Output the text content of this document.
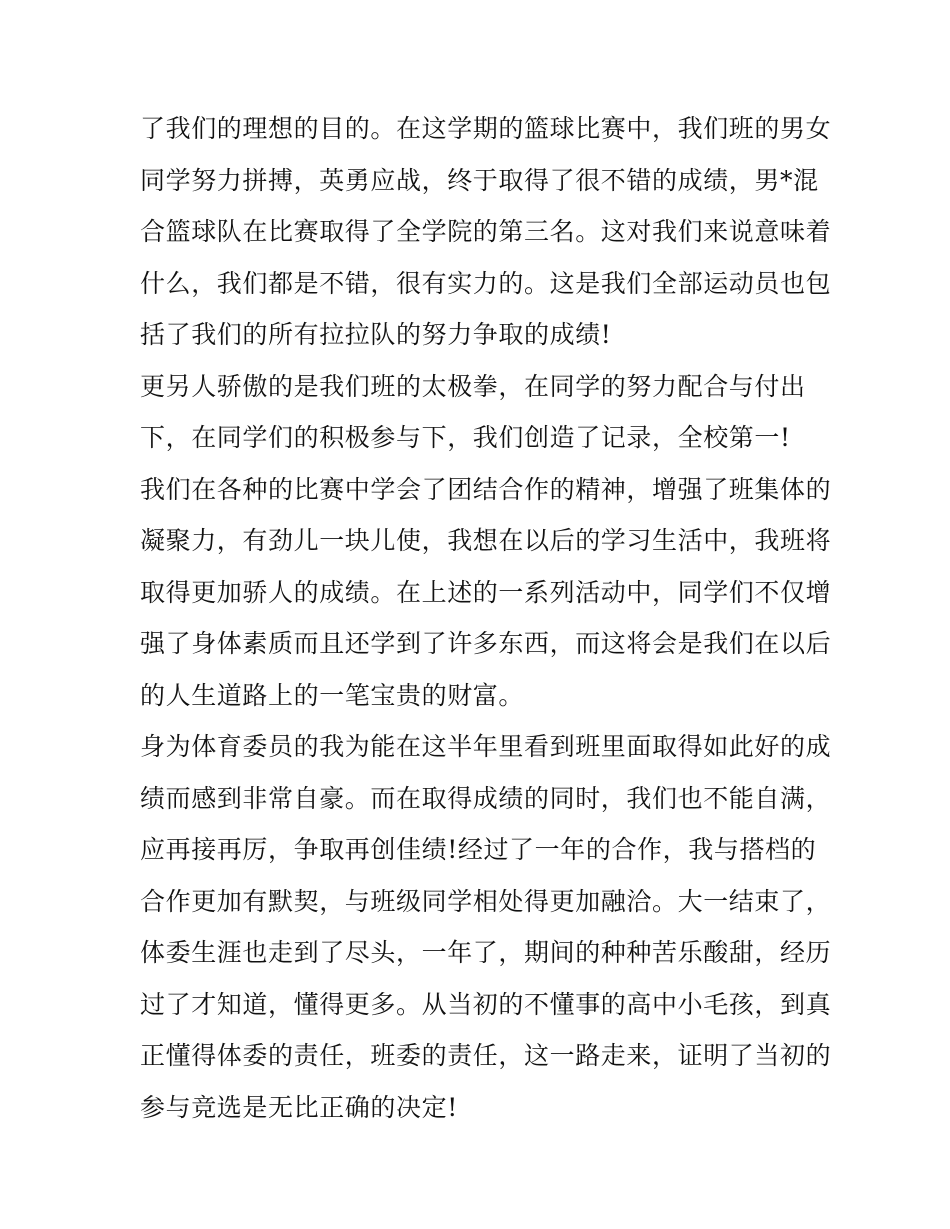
了我们的理想的目的。在这学期的篮球比赛中，我们班的男女
同学努力拼搏，英勇应战，终于取得了很不错的成绩，男*混
合篮球队在比赛取得了全学院的第三名。这对我们来说意味着
什么，我们都是不错，很有实力的。这是我们全部运动员也包
括了我们的所有拉拉队的努力争取的成绩!
更另人骄傲的是我们班的太极拳，在同学的努力配合与付出
下，在同学们的积极参与下，我们创造了记录，全校第一!
我们在各种的比赛中学会了团结合作的精神，增强了班集体的
凝聚力，有劲儿一块儿使，我想在以后的学习生活中，我班将
取得更加骄人的成绩。在上述的一系列活动中，同学们不仅增
强了身体素质而且还学到了许多东西，而这将会是我们在以后
的人生道路上的一笔宝贵的财富。
身为体育委员的我为能在这半年里看到班里面取得如此好的成
绩而感到非常自豪。而在取得成绩的同时，我们也不能自满，
应再接再厉，争取再创佳绩!经过了一年的合作，我与搭档的
合作更加有默契，与班级同学相处得更加融洽。大一结束了，
体委生涯也走到了尽头，一年了，期间的种种苦乐酸甜，经历
过了才知道，懂得更多。从当初的不懂事的高中小毛孩，到真
正懂得体委的责任，班委的责任，这一路走来，证明了当初的
参与竞选是无比正确的决定!
